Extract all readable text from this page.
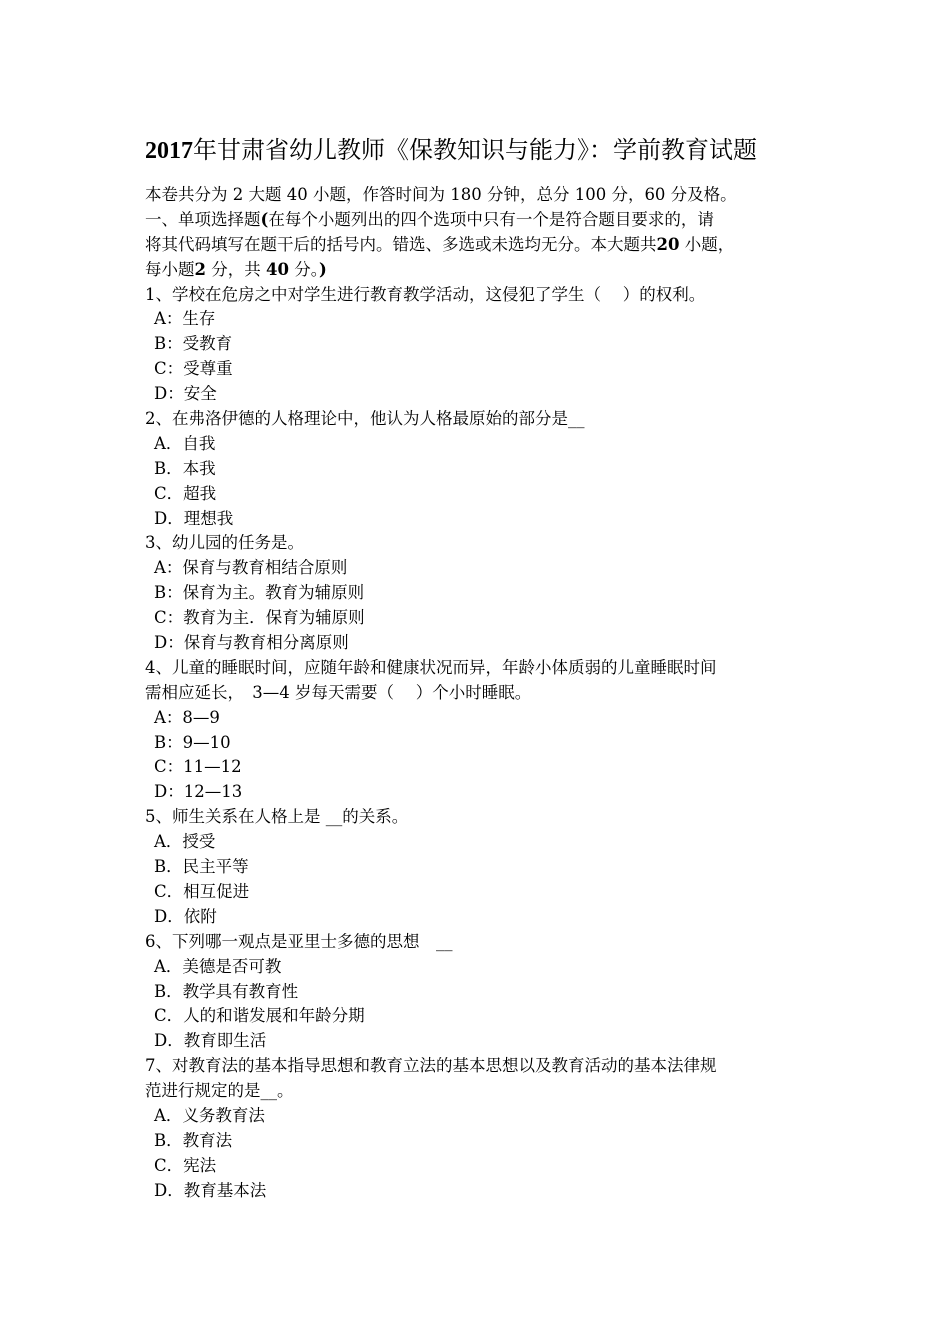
2017年甘肃省幼儿教师《保教知识与能力》：学前教育试题
本卷共分为 2 大题 40 小题，作答时间为 180 分钟，总分 100 分，60 分及格。
一、单项选择题(在每个小题列出的四个选项中只有一个是符合题目要求的，请
将其代码填写在题干后的括号内。错选、多选或未选均无分。本大题共20 小题，
每小题2 分，共 40 分。)
1、学校在危房之中对学生进行教育教学活动，这侵犯了学生（　 ）的权利。
A：生存
B：受教育
C：受尊重
D：安全
2、在弗洛伊德的人格理论中，他认为人格最原始的部分是__
A．自我
B．本我
C．超我
D．理想我
3、幼儿园的任务是。
A：保育与教育相结合原则
B：保育为主。教育为辅原则
C：教育为主．保育为辅原则
D：保育与教育相分离原则
4、儿童的睡眠时间，应随年龄和健康状况而异，年龄小体质弱的儿童睡眠时间
需相应延长，　3—4 岁每天需要（　 ）个小时睡眠。
A：8—9
B：9—10
C：11—12
D：12—13
5、师生关系在人格上是 __的关系。
A．授受
B．民主平等
C．相互促进
D．依附
6、下列哪一观点是亚里士多德的思想　__
A．美德是否可教
B．教学具有教育性
C．人的和谐发展和年龄分期
D．教育即生活
7、对教育法的基本指导思想和教育立法的基本思想以及教育活动的基本法律规
范进行规定的是__。
A．义务教育法
B．教育法
C．宪法
D．教育基本法
